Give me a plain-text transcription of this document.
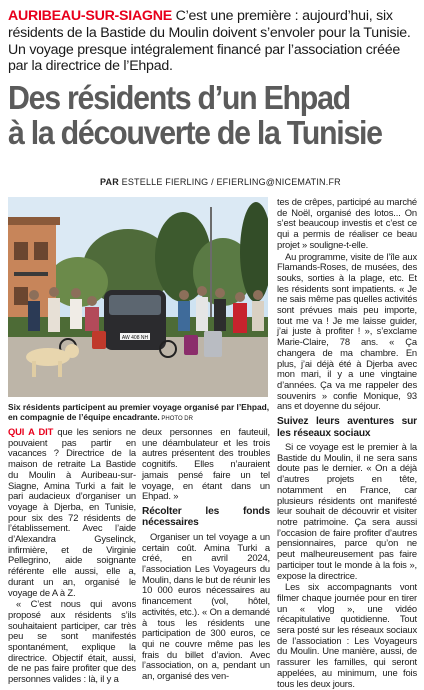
AURIBEAU-SUR-SIAGNE C’est une première : aujourd’hui, six résidents de la Bastide du Moulin doivent s’envoler pour la Tunisie. Un voyage presque intégralement financé par l’association créée par la directrice de l’Ehpad.
Des résidents d’un Ehpad
à la découverte de la Tunisie
PAR ESTELLE FIERLING / EFIERLING@NICEMATIN.FR
AW 408 NH
Six résidents participent au premier voyage organisé par l’Ehpad, en compagnie de l’équipe encadrante. PHOTO DR

QUI A DIT que les seniors ne pouvaient pas partir en vacances ? Directrice de la maison de retraite La Bastide du Moulin à Auribeau-sur-Siagne, Amina Turki a fait le pari audacieux d’organiser un voyage à Djerba, en Tunisie, pour six des 72 résidents de l’établissement. Avec l’aide d’Alexandra Gyselinck, infirmière, et de Virginie Pellegrino, aide soignante référente elle aussi, elle a, durant un an, organisé le voyage de A à Z.

« C’est nous qui avons proposé aux résidents s’ils souhaitaient participer, car très peu se sont manifestés spontanément, explique la directrice. Objectif était, aussi, de ne pas faire profiter que des personnes valides : là, il y a

deux personnes en fauteuil, une déambulateur et les trois autres présentent des troubles cognitifs. Elles n’auraient jamais pensé faire un tel voyage, en étant dans un Ehpad. »

Récolter les fonds nécessaires

Organiser un tel voyage a un certain coût. Amina Turki a créé, en avril 2024, l’association Les Voyageurs du Moulin, dans le but de réunir les 10 000 euros nécessaires au financement (vol, hôtel, activités, etc.). « On a demandé à tous les résidents une participation de 300 euros, ce qui ne couvre même pas les frais du billet d’avion. Avec l’association, on a, pendant un an, organisé des ven-

tes de crêpes, participé au marché de Noël, organisé des lotos... On s’est beaucoup investis et c’est ce qui a permis de réaliser ce beau projet » souligne-t-elle.

Au programme, visite de l’île aux Flamands-Roses, de musées, des souks, sorties à la plage, etc. Et les résidents sont impatients. « Je ne sais même pas quelles activités sont prévues mais peu importe, tout me va ! Je me laisse guider, j’ai juste à profiter ! », s’exclame Marie-Claire, 78 ans. « Ça changera de ma chambre. En plus, j’ai déjà été à Djerba avec mon mari, il y a une vingtaine d’années. Ça va me rappeler des souvenirs » confie Monique, 93 ans et doyenne du séjour.

Suivez leurs aventures sur les réseaux sociaux

Si ce voyage est le premier à la Bastide du Moulin, il ne sera sans doute pas le dernier. « On a déjà d’autres projets en tête, notamment en France, car plusieurs résidents ont manifesté leur souhait de découvrir et visiter notre patrimoine. Ça sera aussi l’occasion de faire profiter d’autres pensionnaires, parce qu’on ne peut malheureusement pas faire participer tout le monde à la fois », expose la directrice.

Les six accompagnants vont filmer chaque journée pour en tirer un « vlog », une vidéo récapitulative quotidienne. Tout sera posté sur les réseaux sociaux de l’association : Les Voyageurs du Moulin. Une manière, aussi, de rassurer les familles, qui seront appelées, au minimum, une fois tous les deux jours.
